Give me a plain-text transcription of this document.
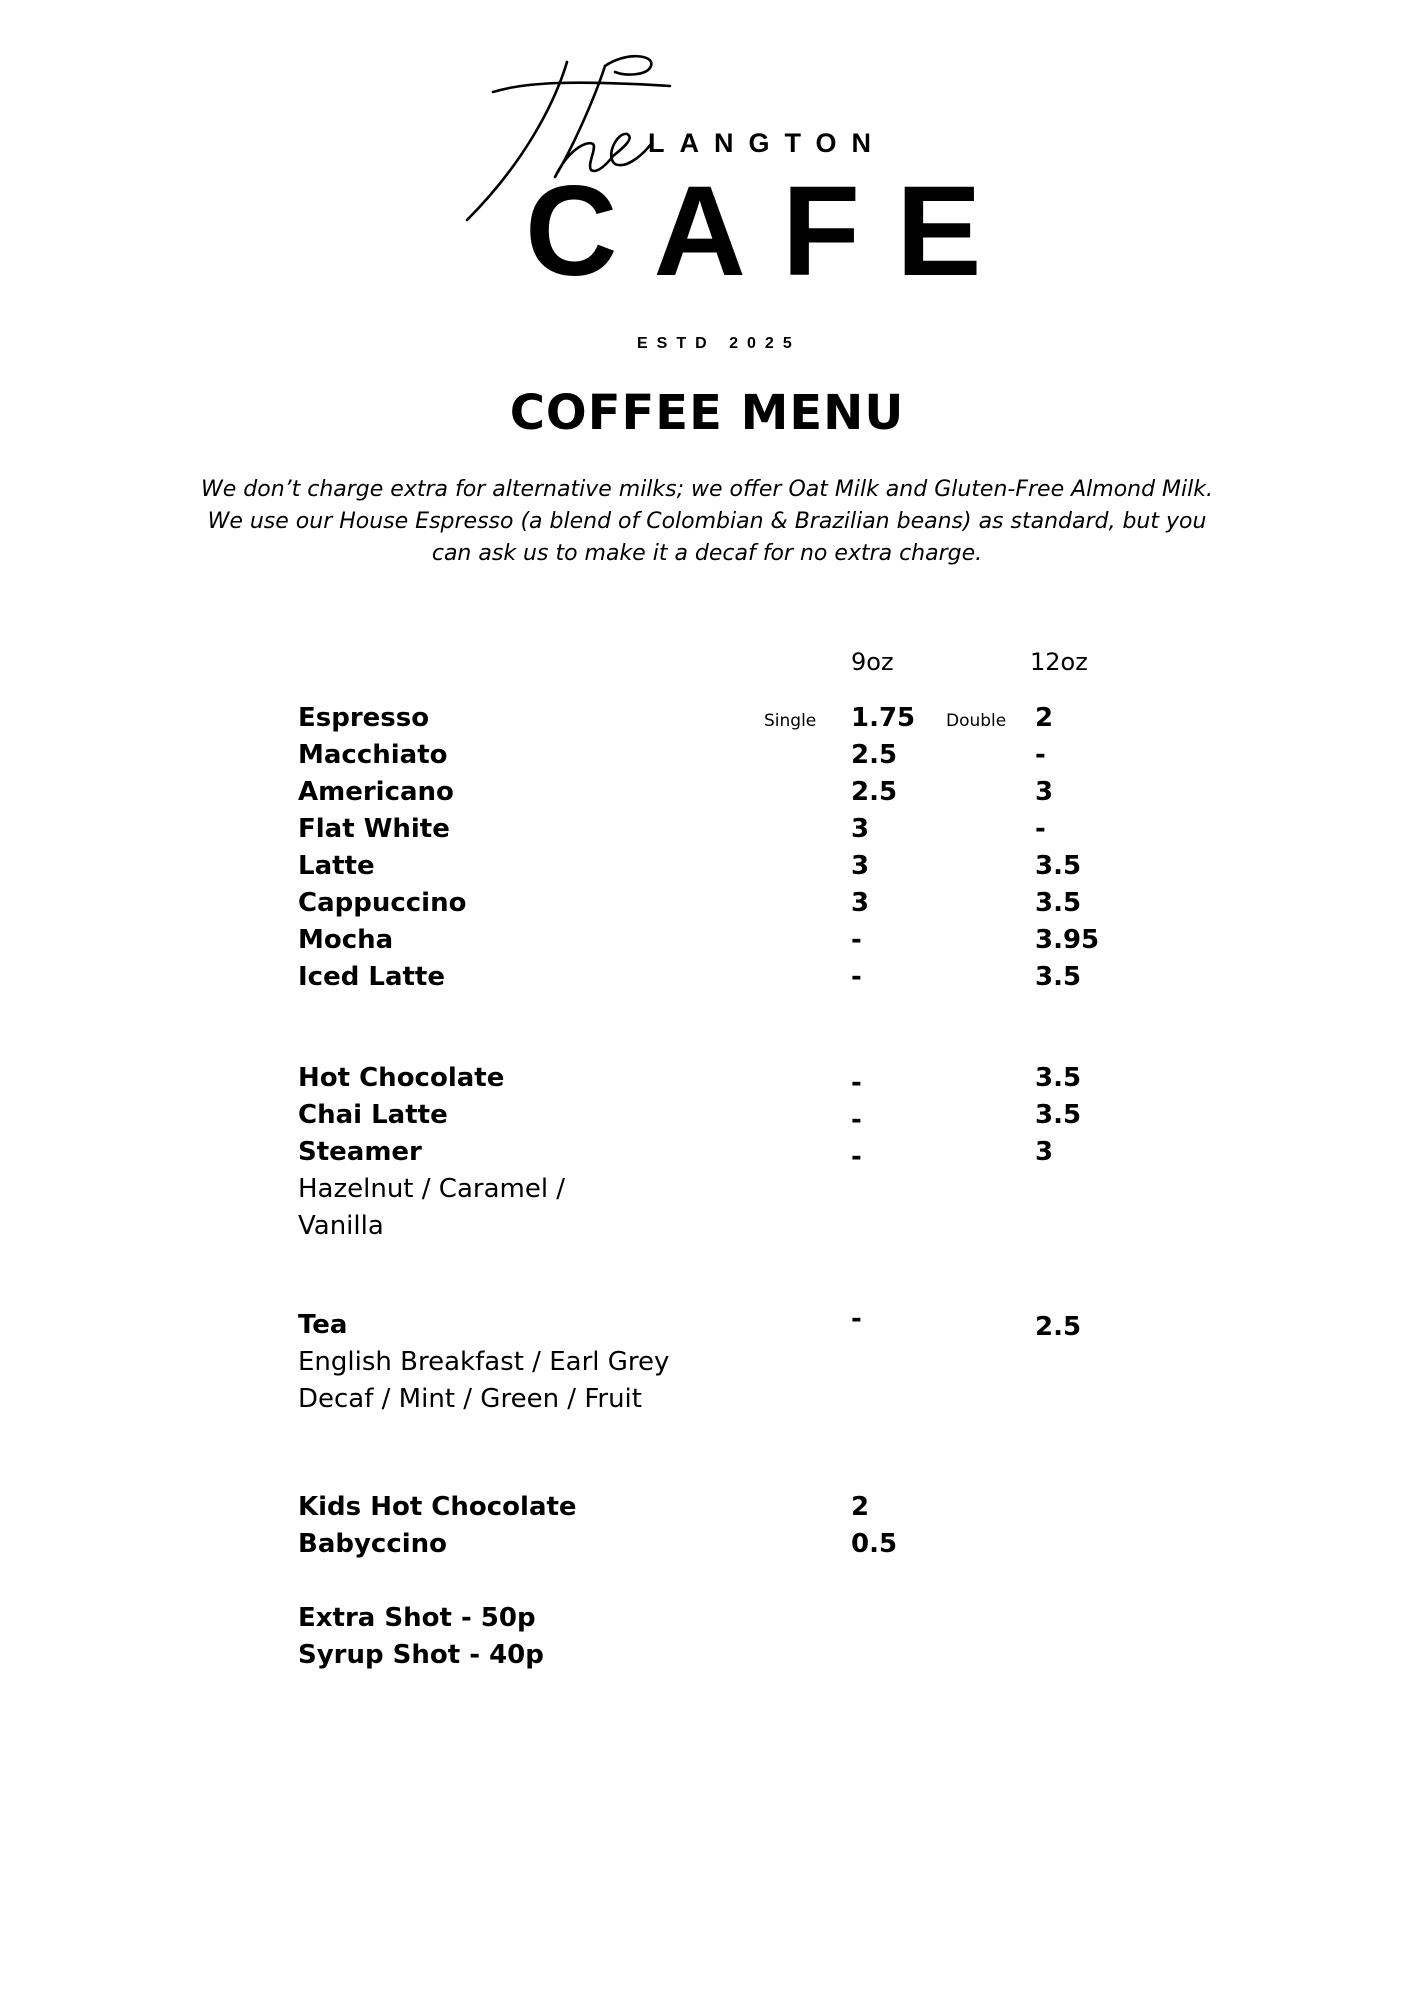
LANGTON
CAFE
ESTD 2025
COFFEE MENU

We don’t charge extra for alternative milks; we offer Oat Milk and Gluten-Free Almond Milk.

We use our House Espresso (a blend of Colombian & Brazilian beans) as standard, but you

can ask us to make it a decaf for no extra charge.

9oz	12oz
Espresso	Single 1.75 Double 2
Macchiato	2.5	-
Americano	2.5	3
Flat White	3	-
Latte	3	3.5
Cappuccino	3	3.5
Mocha	-	3.95
Iced Latte	-	3.5
Hot Chocolate	-	3.5
Chai Latte	-	3.5
Steamer	-	3
Hazelnut / Caramel /
Vanilla
Tea	-	2.5
English Breakfast / Earl Grey
Decaf / Mint / Green / Fruit
Kids Hot Chocolate	2
Babyccino	0.5
Extra Shot - 50p
Syrup Shot - 40p
